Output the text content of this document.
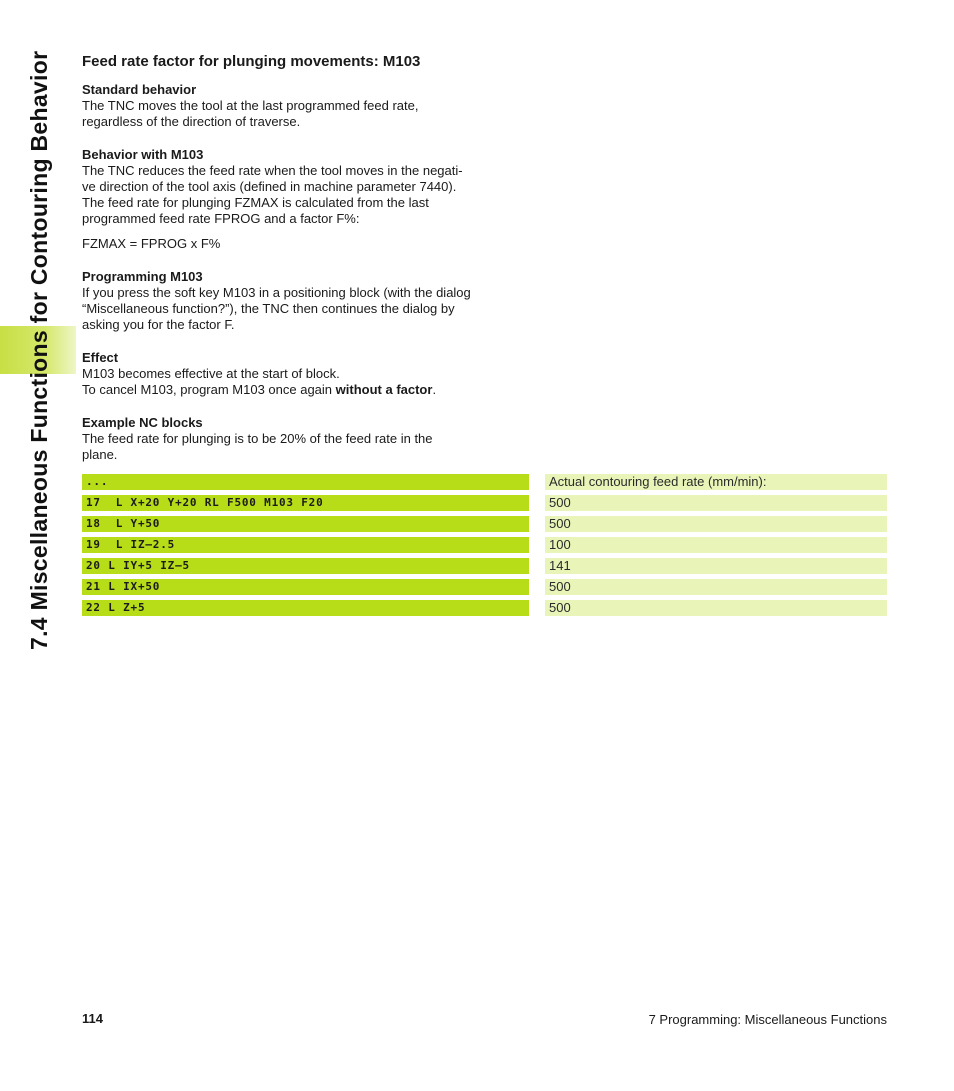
7.4 Miscellaneous Functions for Contouring Behavior Feed rate factor for plunging movements: M103
Standard behavior

The TNC moves the tool at the last programmed feed rate,

regardless of the direction of traverse.

Behavior with M103

The TNC reduces the feed rate when the tool moves in the negati-

ve direction of the tool axis (defined in machine parameter 7440).

The feed rate for plunging FZMAX is calculated from the last

programmed feed rate FPROG and a factor F%:

FZMAX = FPROG x F%

Programming M103

If you press the soft key M103 in a positioning block (with the dialog

“Miscellaneous function?”), the TNC then continues the dialog by

asking you for the factor F.

Effect

M103 becomes effective at the start of block.

To cancel M103, program M103 once again without a factor.

Example NC blocks

The feed rate for plunging is to be 20% of the feed rate in the

plane.

...	Actual contouring feed rate (mm/min):
17  L X+20 Y+20 RL F500 M103 F20	500
18  L Y+50	500
19  L IZ–2.5	100
20 L IY+5 IZ–5	141
21 L IX+50	500
22 L Z+5	500
114	7 Programming: Miscellaneous Functions
